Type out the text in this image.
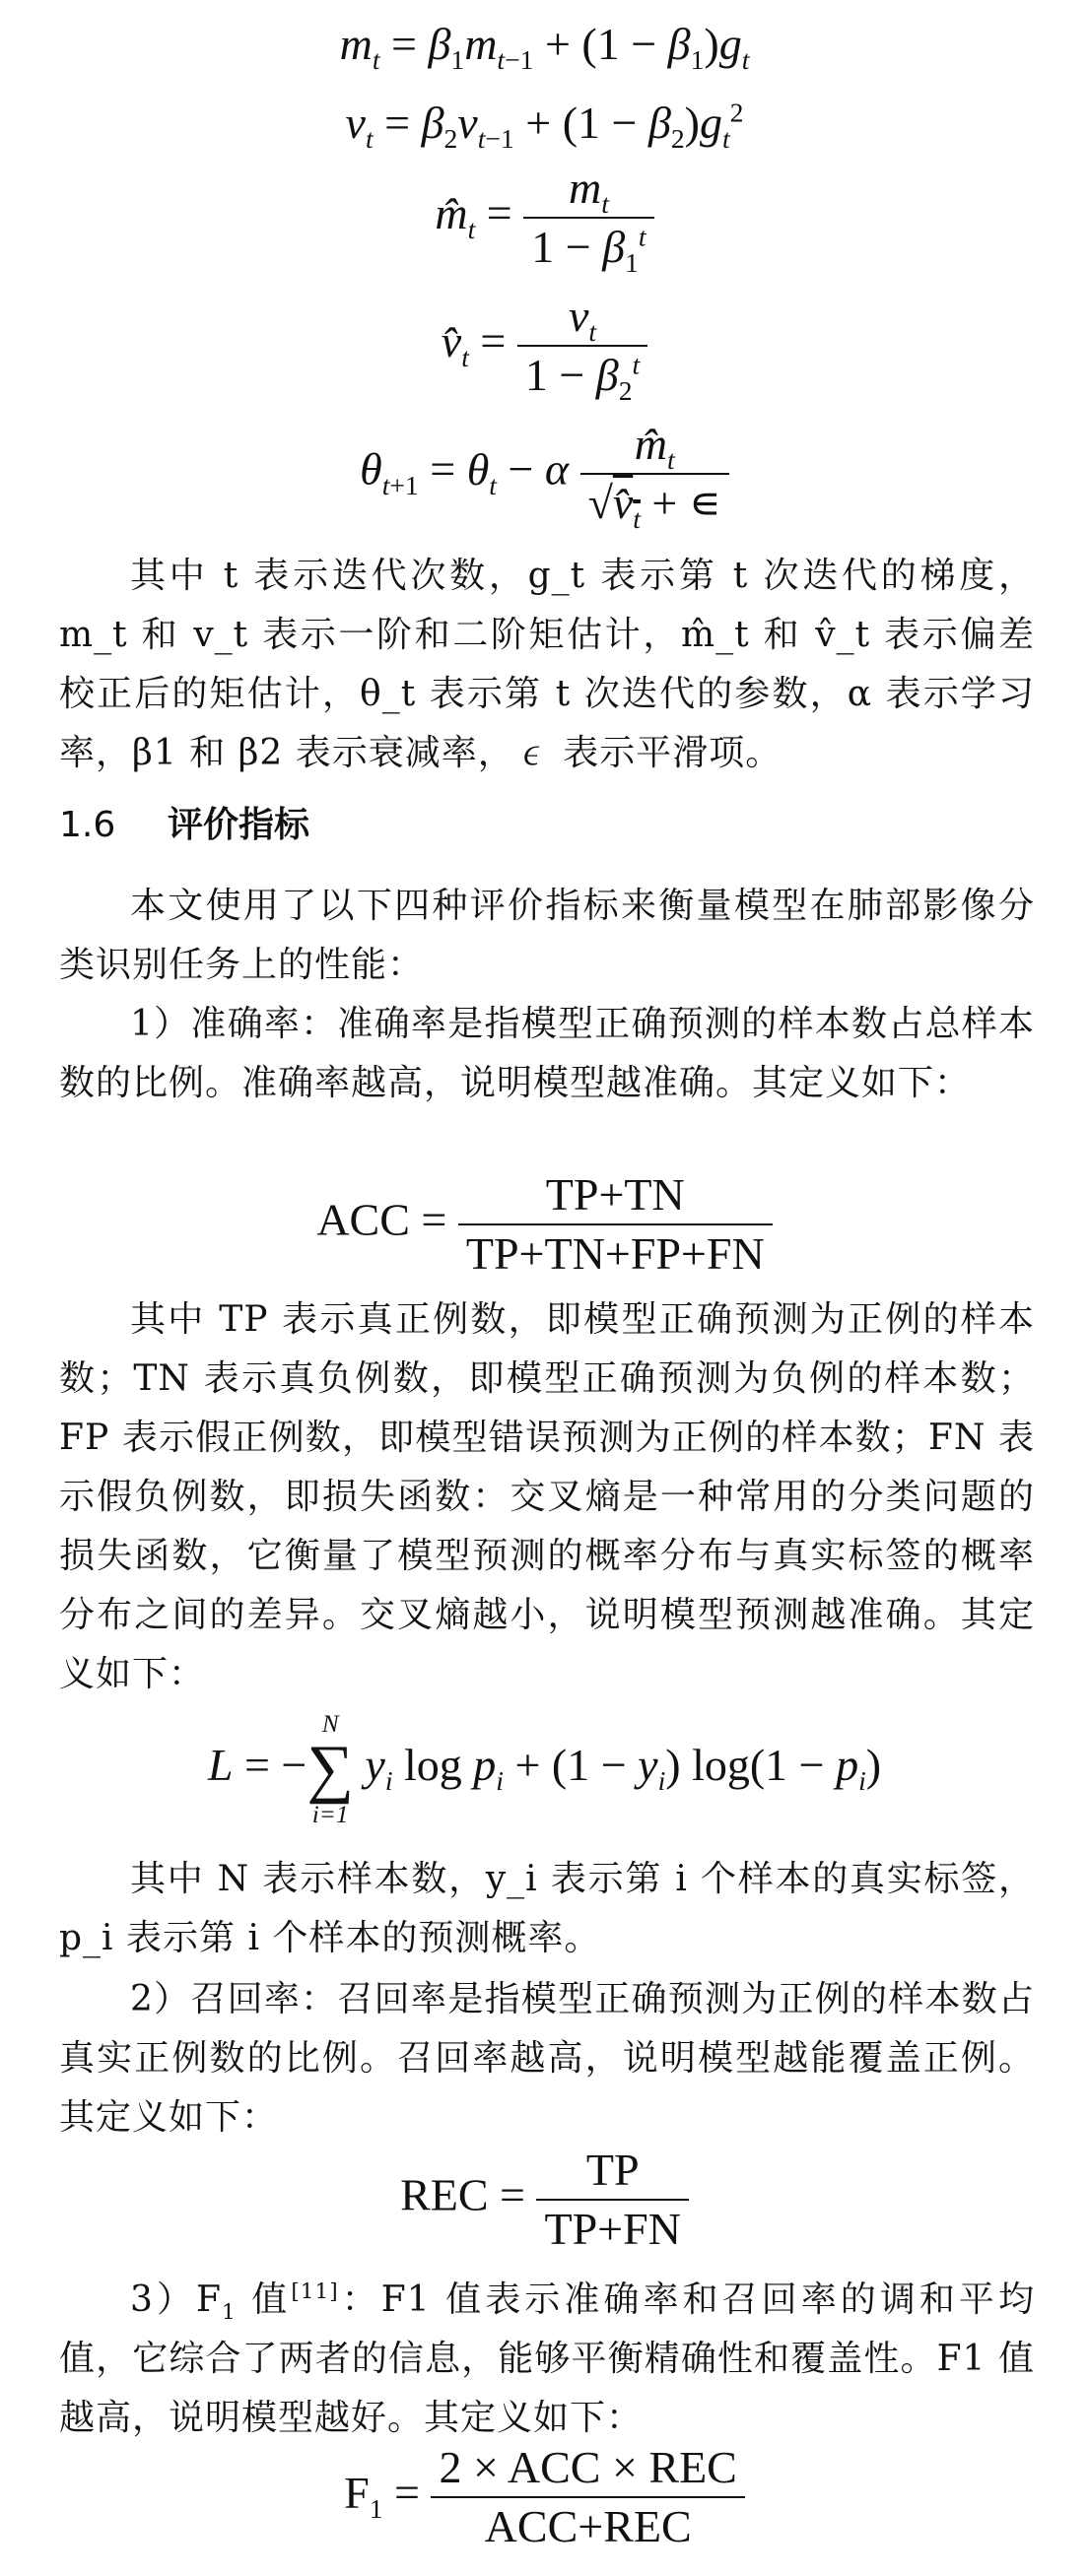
$m_t = \beta_1m_{t-1} + (1 - \beta_1)g_t$
$v_t = \beta_2v_{t-1} + (1 - \beta_2)g_t^2$
$m̂_t = \frac{m_t}{1 - \beta_1^t}$
$v̂_t = \frac{v_t}{1 - \beta_2^t}$
$\theta_{t+1} = \theta_t - \alpha \frac{m̂_t}{√v̂_t + ∊}$

其中 t 表示迭代次数，g_t 表示第 t 次迭代的梯度，m_t 和 v_t 表示一阶和二阶矩估计，m̂_t 和 v̂_t 表示偏差校正后的矩估计，θ_t 表示第 t 次迭代的参数，α 表示学习率，β1 和 β2 表示衰减率，∊ 表示平滑项。

1.6 评价指标

本文使用了以下四种评价指标来衡量模型在肺部影像分类识别任务上的性能：

1）准确率：准确率是指模型正确预测的样本数占总样本数的比例。准确率越高，说明模型越准确。其定义如下：

ACC = $\frac{TP+TN}{TP+TN+FP+FN}$

其中 TP 表示真正例数，即模型正确预测为正例的样本数；TN 表示真负例数，即模型正确预测为负例的样本数；FP 表示假正例数，即模型错误预测为正例的样本数；FN 表示假负例数，即损失函数：交叉熵是一种常用的分类问题的损失函数，它衡量了模型预测的概率分布与真实标签的概率分布之间的差异。交叉熵越小，说明模型预测越准确。其定义如下：

L = −
N
∑
i=1
$y_i$ $\log p_i + (1 - y_i) \log(1 - p_i)$

其中 N 表示样本数，y_i 表示第 i 个样本的真实标签，p_i 表示第 i 个样本的预测概率。

2）召回率：召回率是指模型正确预测为正例的样本数占真实正例数的比例。召回率越高，说明模型越能覆盖正例。其定义如下：

REC = $\frac{TP}{TP+FN}$

$3)F_1$ 值[11]：F1 值表示准确率和召回率的调和平均值，它综合了两者的信息，能够平衡精确性和覆盖性。F1 值越高，说明模型越好。其定义如下：

$F_1 = \frac{\text{2 × ACC × REC}}{\text{ACC+REC}}$
